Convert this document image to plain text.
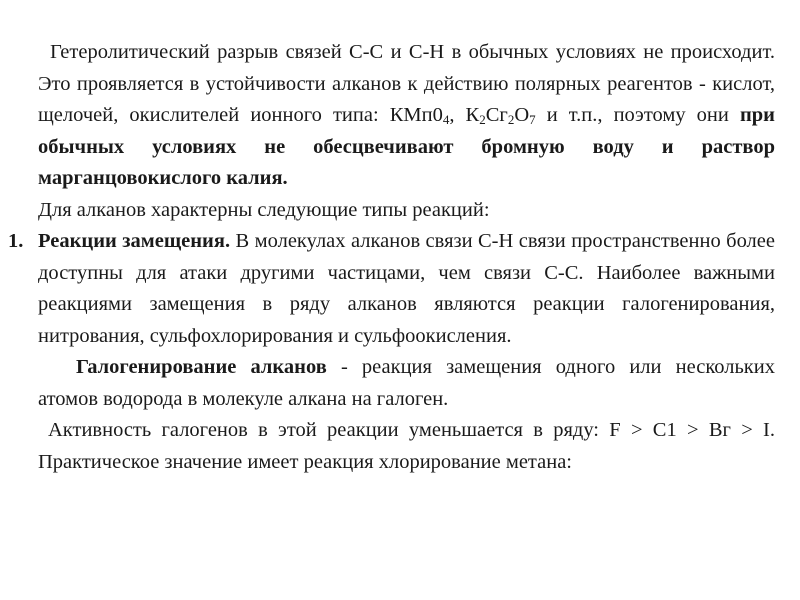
Гетеролитический разрыв связей С-С и С-Н в обычных условиях не происходит. Это проявляется в устойчивости алканов к действию полярных реагентов - кислот, щелочей, окислителей ионного типа: $КМп0_4$, $К_2Сг_2О_7$ и т.п., поэтому они при обычных условиях не обесцвечивают бромную воду и раствор марганцовокислого калия.

Для алканов характерны следующие типы реакций:

1. Реакции замещения. В молекулах алканов связи С-Н связи пространственно более доступны для атаки другими частицами, чем связи С-С. Наиболее важными реакциями замещения в ряду алканов являются реакции галогенирования, нитрования, сульфохлорирования и сульфоокисления.

Галогенирование алканов - реакция замещения одного или нескольких атомов водорода в молекуле алкана на галоген.

Активность галогенов в этой реакции уменьшается в ряду: F > С1 > Вг > I. Практическое значение имеет реакция хлорирование метана:
